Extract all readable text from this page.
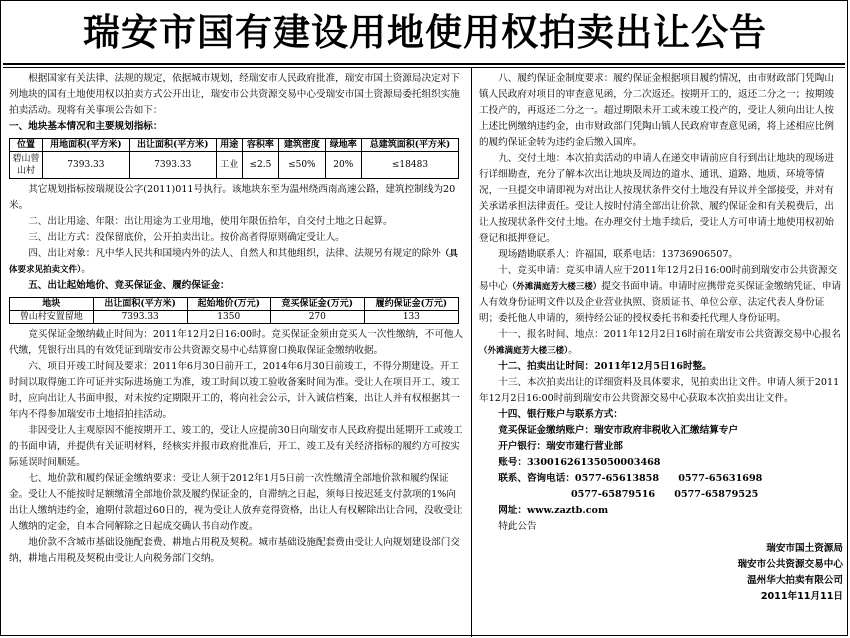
瑞安市国有建设用地使用权拍卖出让公告

根据国家有关法律、法规的规定，依据城市规划，经瑞安市人民政府批准，瑞安市国土资源局决定对下列地块的国有土地使用权以拍卖方式公开出让，瑞安市公共资源交易中心受瑞安市国土资源局委托组织实施拍卖活动。现将有关事项公告如下：

一、地块基本情况和主要规划指标：

位置	用地面积(平方米)	出让面积(平方米)	用途	容积率	建筑密度	绿地率	总建筑面积(平方米)
碧山曾山村	7393.33	7393.33	工业	≤2.5	≤50%	20%	≤18483

其它规划指标按瑞规设公字(2011)011号执行。该地块东至为温州绕西南高速公路，建筑控制线为20米。

二、出让用途、年限：出让用途为工业用地，使用年限伍拾年，自交付土地之日起算。

三、出让方式：没保留底价，公开拍卖出让。按价高者得原则确定受让人。

四、出让对象：凡中华人民共和国境内外的法人、自然人和其他组织，法律、法规另有规定的除外（具体要求见拍卖文件）。

五、出让起始地价、竞买保证金、履约保证金：

地块	出让面积(平方米)	起始地价(万元)	竞买保证金(万元)	履约保证金(万元)
曾山村安置留地	7393.33	1350	270	133

竞买保证金缴纳截止时间为：2011年12月2日16:00时。竞买保证金须由竞买人一次性缴纳，不可他人代缴，凭银行出具的有效凭证到瑞安市公共资源交易中心结算窗口换取保证金缴纳收据。

六、项目开竣工时间及要求：2011年6月30日前开工，2014年6月30日前竣工，不得分期建设。开工时间以取得施工许可证并实际进场施工为准，竣工时间以竣工验收备案时间为准。受让人在项目开工、竣工时，应向出让人书面申报，对未按约定期限开工的，将向社会公示，计入诚信档案，出让人并有权根据其一年内不得参加瑞安市土地招拍挂活动。

非因受让人主观原因不能按期开工、竣工的，受让人应提前30日向瑞安市人民政府提出延期开工或竣工的书面申请，并提供有关证明材料，经核实并报市政府批准后，开工、竣工及有关经济指标的履约方可按实际延误时间顺延。

七、地价款和履约保证金缴纳要求：受让人须于2012年1月5日前一次性缴清全部地价款和履约保证金。受让人不能按时足额缴清全部地价款及履约保证金的，自滞纳之日起，须每日按迟延支付款项的1%向出让人缴纳违约金，逾期付款超过60日的，视为受让人放弃竞得资格，出让人有权解除出让合同，没收受让人缴纳的定金，自本合同解除之日起成交确认书自动作废。

地价款不含城市基础设施配套费、耕地占用税及契税。城市基础设施配套费由受让人向规划建设部门交纳，耕地占用税及契税由受让人向税务部门交纳。

八、履约保证金制度要求：履约保证金根据项目履约情况，由市财政部门凭陶山镇人民政府对项目的审查意见函，分二次返还。按期开工的，返还二分之一；按期竣工投产的，再返还二分之一。超过期限未开工或未竣工投产的，受让人须向出让人按上述比例缴纳违约金，由市财政部门凭陶山镇人民政府审查意见函，将上述相应比例的履约保证金转为违约金后缴入国库。

九、交付土地：本次拍卖活动的申请人在递交申请前应自行到出让地块的现场进行详细勘查，充分了解本次出让地块及周边的道水、通讯、道路、地质、环境等情况，一旦提交申请即视为对出让人按现状条件交付土地没有异议并全部接受，并对有关承诺承担法律责任。受让人按时付清全部出让价款、履约保证金和有关税费后，出让人按现状条件交付土地。在办理交付土地手续后，受让人方可申请土地使用权初始登记和抵押登记。

现场踏勘联系人：许福国，联系电话：13736906507。

十、竞买申请：竞买申请人应于2011年12月2日16:00时前到瑞安市公共资源交易中心（外滩满庭芳大楼三楼）提交书面申请。申请时应携带竞买保证金缴纳凭证、申请人有效身份证明文件以及企业营业执照、资质证书、单位公章、法定代表人身份证明；委托他人申请的，须持经公证的授权委托书和委托代理人身份证明。

十一、报名时间、地点：2011年12月2日16时前在瑞安市公共资源交易中心报名（外滩满庭芳大楼三楼）。

十二、拍卖出让时间：2011年12月5日16时整。

十三、本次拍卖出让的详细资料及具体要求，见拍卖出让文件。申请人须于2011年12月2日16:00时前到瑞安市公共资源交易中心获取本次拍卖出让文件。

十四、银行账户与联系方式：

竞买保证金缴纳账户：瑞安市政府非税收入汇缴结算专户

开户银行：瑞安市建行营业部

账号：33001626135050003468

联系、咨询电话：0577-65613858　　0577-65631698

0577-65879516　　0577-65879525

网址：www.zaztb.com

特此公告

瑞安市国土资源局

瑞安市公共资源交易中心

温州华大拍卖有限公司

2011年11月11日
